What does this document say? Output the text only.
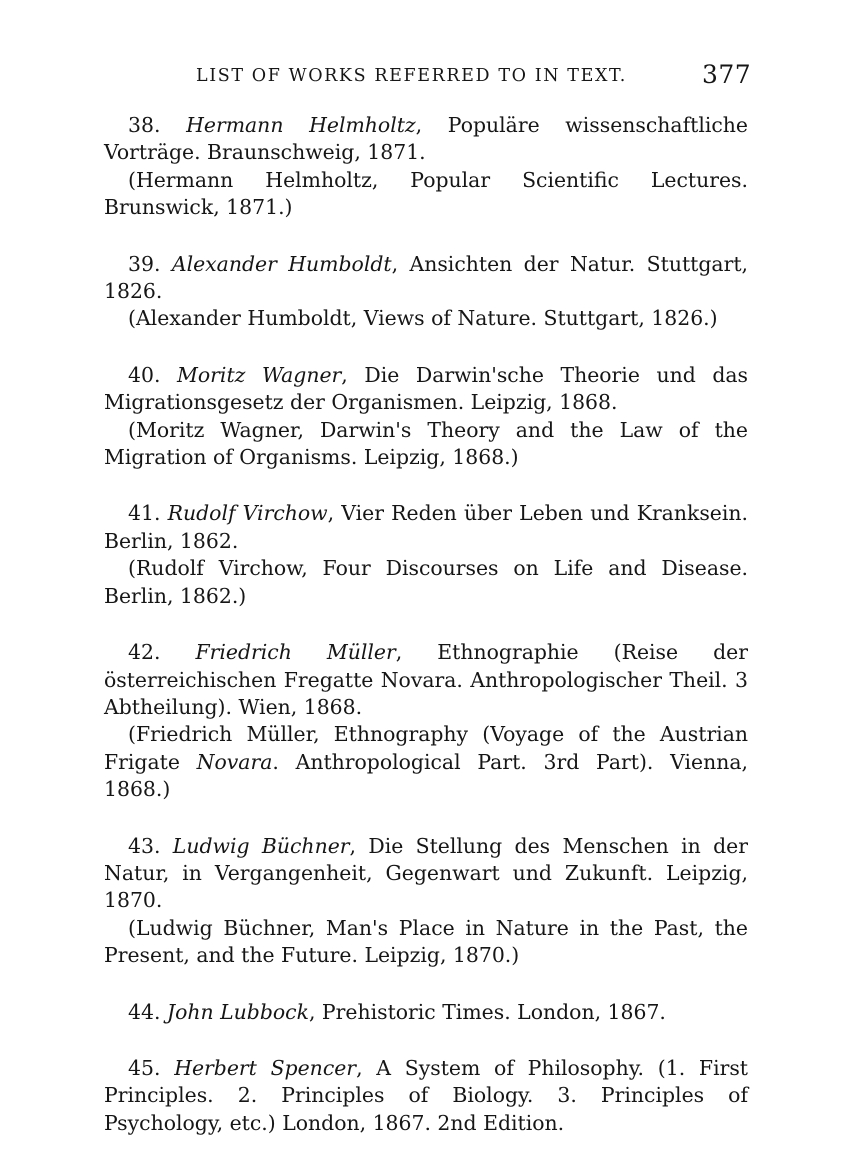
LIST OF WORKS REFERRED TO IN TEXT.	377

38. Hermann Helmholtz, Populäre wissenschaftliche Vorträge. Braunschweig, 1871.

(Hermann Helmholtz, Popular Scientific Lectures. Brunswick, 1871.)

39. Alexander Humboldt, Ansichten der Natur. Stuttgart, 1826.

(Alexander Humboldt, Views of Nature. Stuttgart, 1826.)

40. Moritz Wagner, Die Darwin'sche Theorie und das Migrationsgesetz der Organismen. Leipzig, 1868.

(Moritz Wagner, Darwin's Theory and the Law of the Migration of Organisms. Leipzig, 1868.)

41. Rudolf Virchow, Vier Reden über Leben und Kranksein. Berlin, 1862.

(Rudolf Virchow, Four Discourses on Life and Disease. Berlin, 1862.)

42. Friedrich Müller, Ethnographie (Reise der österreichischen Fregatte Novara. Anthropologischer Theil. 3 Abtheilung). Wien, 1868.

(Friedrich Müller, Ethnography (Voyage of the Austrian Frigate Novara. Anthropological Part. 3rd Part). Vienna, 1868.)

43. Ludwig Büchner, Die Stellung des Menschen in der Natur, in Vergangenheit, Gegenwart und Zukunft. Leipzig, 1870.

(Ludwig Büchner, Man's Place in Nature in the Past, the Present, and the Future. Leipzig, 1870.)

44. John Lubbock, Prehistoric Times. London, 1867.

45. Herbert Spencer, A System of Philosophy. (1. First Principles. 2. Principles of Biology. 3. Principles of Psychology, etc.) London, 1867. 2nd Edition.
